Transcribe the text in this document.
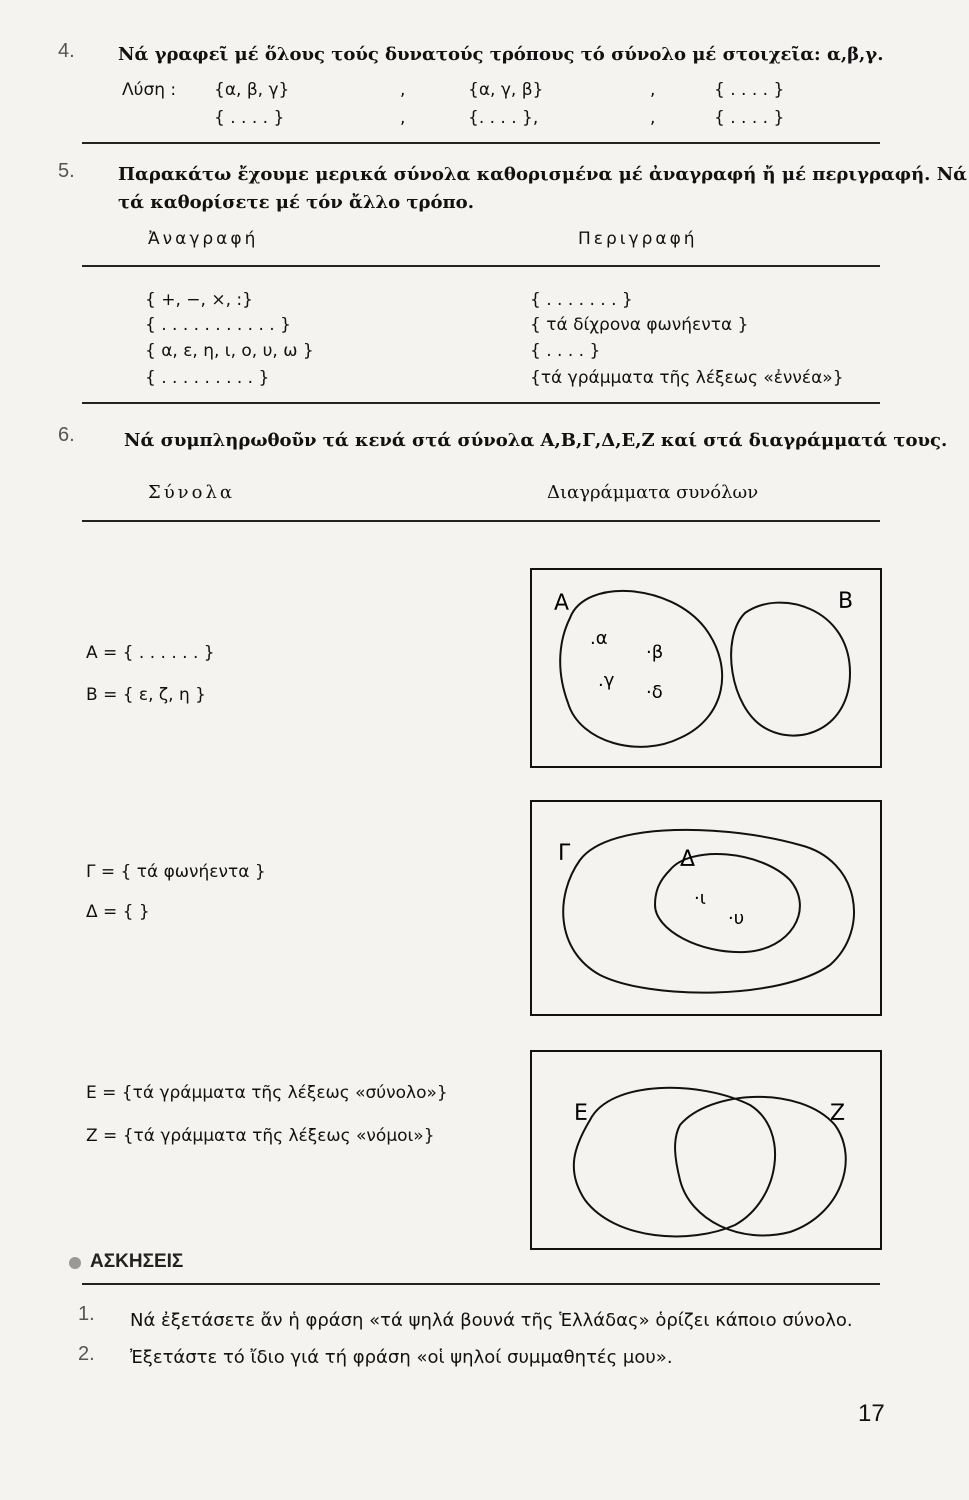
4. Νά γραφεῖ μέ ὅλους τούς δυνατούς τρόπους τό σύνολο μέ στοιχεῖα: α,β,γ.
Λύση : {α, β, γ}	,	{α, γ, β}	,	{ . . . . }
{ . . . . }	,	{. . . . },	,	{ . . . . }
5. Παρακάτω ἔχουμε μερικά σύνολα καθορισμένα μέ ἀναγραφή ἤ μέ περιγραφή. Νά
τά καθορίσετε μέ τόν ἄλλο τρόπο.
Ἀναγραφή	Περιγραφή
{ +, −, ×, :}	{ . . . . . . . }
{ . . . . . . . . . . . }	{ τά δίχρονα φωνήεντα }
{ α, ε, η, ι, ο, υ, ω }	{ . . . . }
{ . . . . . . . . . }	{τά γράμματα τῆς λέξεως «ἐννέα»}
6.	Νά συμπληρωθοῦν τά κενά στά σύνολα Α,Β,Γ,Δ,Ε,Ζ καί στά διαγράμματά τους.
Σύνολα	Διαγράμματα συνόλων
Α = { . . . . . . }
Β = { ε, ζ, η }
Γ = { τά φωνήεντα }
Δ = { }
Ε = {τά γράμματα τῆς λέξεως «σύνολο»}
Ζ = {τά γράμματα τῆς λέξεως «νόμοι»}
Α	Β
.α
·β
.γ
·δ
Γ	Δ
·ι
·υ
Ε	Ζ
ΑΣΚΗΣΕΙΣ
1. Νά ἐξετάσετε ἄν ἡ φράση «τά ψηλά βουνά τῆς Ἑλλάδας» ὁρίζει κάποιο σύνολο.
2. Ἐξετάστε τό ἴδιο γιά τή φράση «οἱ ψηλοί συμμαθητές μου».
17
